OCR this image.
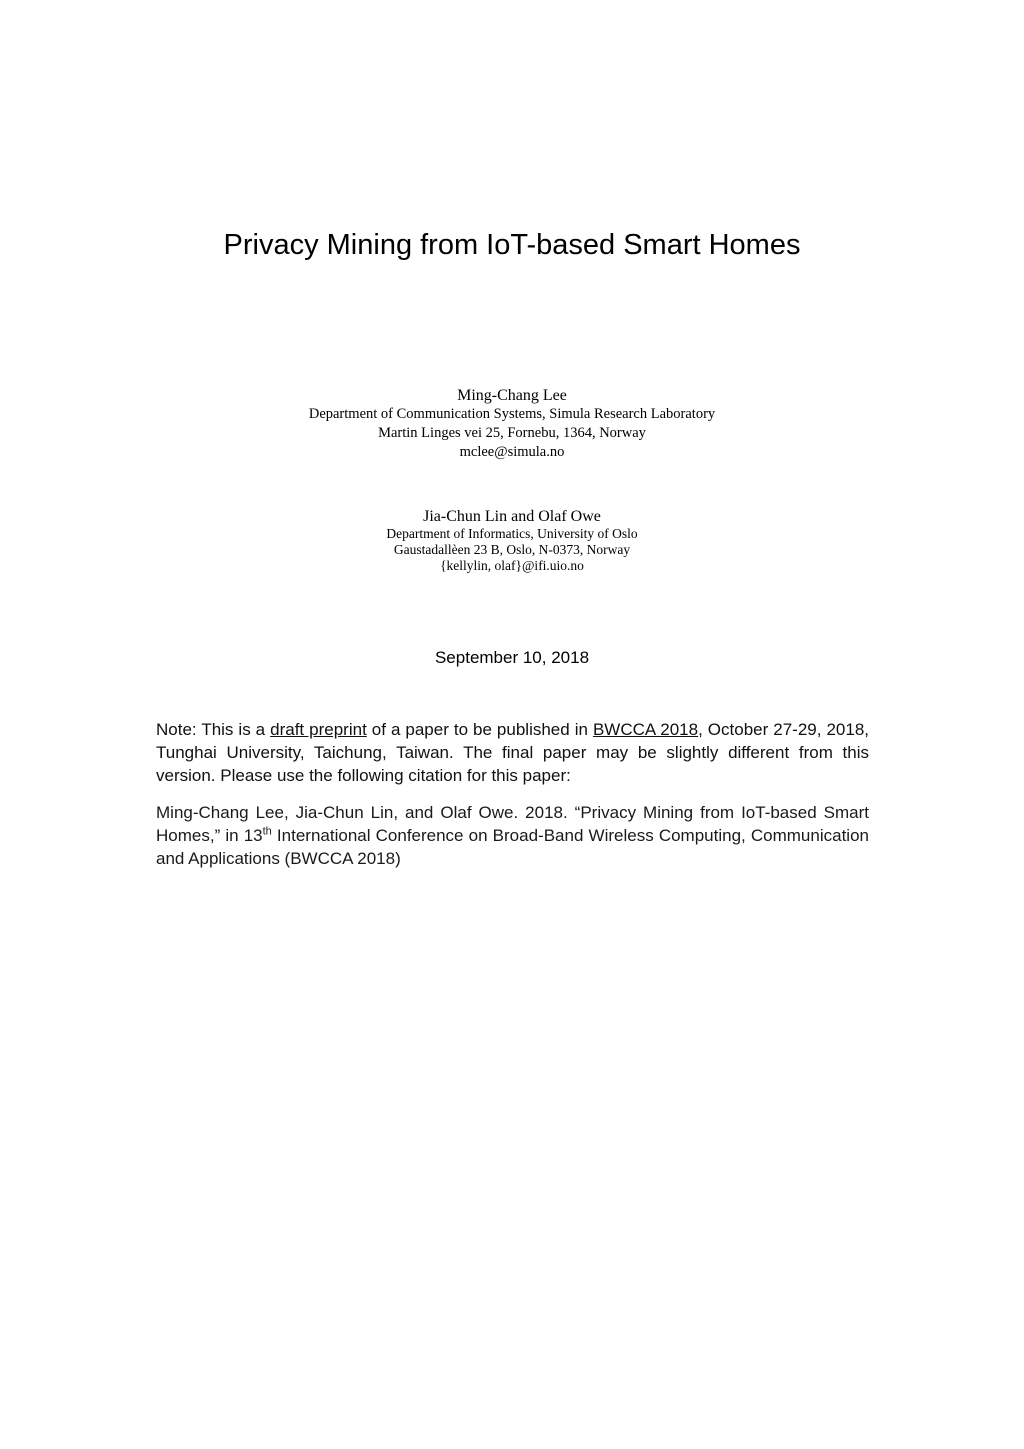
Privacy Mining from IoT-based Smart Homes
Ming-Chang Lee
Department of Communication Systems, Simula Research Laboratory
Martin Linges vei 25, Fornebu, 1364, Norway
mclee@simula.no
Jia-Chun Lin and Olaf Owe
Department of Informatics, University of Oslo
Gaustadallèen 23 B, Oslo, N-0373, Norway
{kellylin, olaf}@ifi.uio.no
September 10, 2018

Note: This is a draft preprint of a paper to be published in BWCCA 2018, October 27-29, 2018, Tunghai University, Taichung, Taiwan. The final paper may be slightly different from this version. Please use the following citation for this paper:

Ming-Chang Lee, Jia-Chun Lin, and Olaf Owe. 2018. “Privacy Mining from IoT-based Smart Homes,” in 13th International Conference on Broad-Band Wireless Computing, Communication and Applications (BWCCA 2018)
